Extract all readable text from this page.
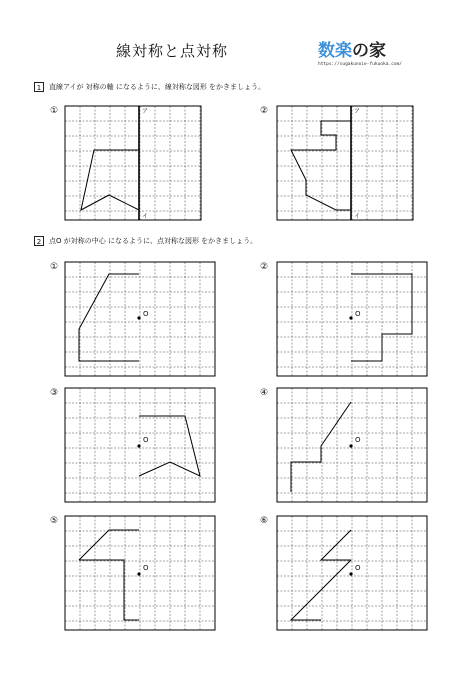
線対称と点対称	数楽の家
https://sugakunoie-fukuoka.com/
1	直線アイが 対称の軸 になるように、線対称な図形 をかきましょう。
2	点O が対称の中心 になるように、点対称な図形 をかきましょう。
①	ア
イ
②	ア
イ
①
O
②
O
③
O
④
O
⑤
O
⑥
O
